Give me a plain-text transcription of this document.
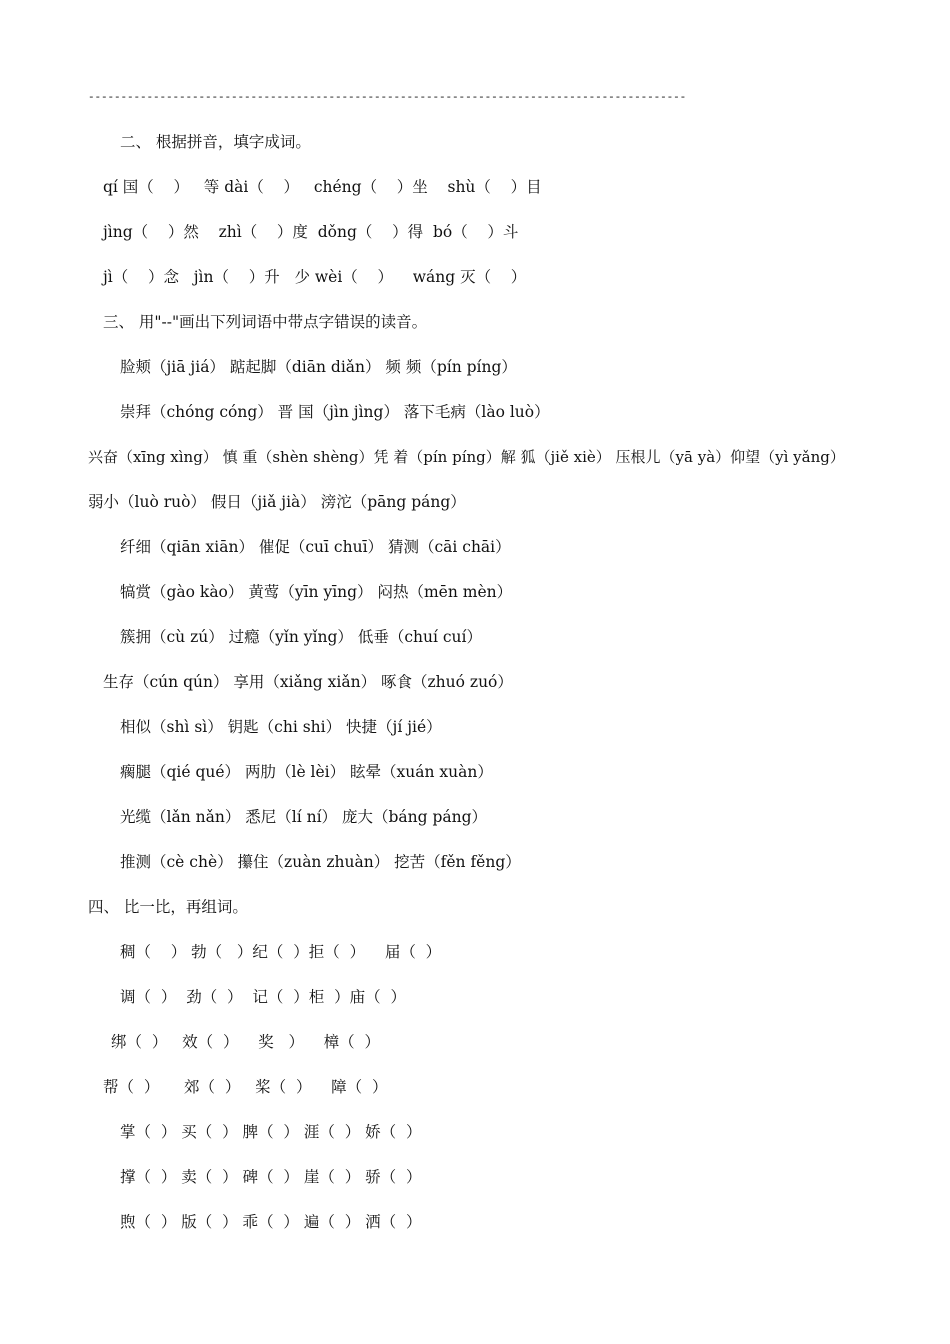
--------------------------------------------------------------------------------------------
二、 根据拼音，填字成词。
qí 国（    ）   等 dài（    ）   chéng（    ）坐    shù（    ）目
jìng（    ）然    zhì（    ）度  dǒng（    ）得  bó（    ）斗
jì（    ）念   jìn（    ）升   少 wèi（    ）    wáng 灭（    ）
三、 用"--"画出下列词语中带点字错误的读音。
脸颊（jiā jiá） 踮起脚（diān diǎn） 频 频（pín píng）
崇拜（chóng cóng） 晋 国（jìn jìng） 落下毛病（lào luò）
兴奋（xīng xìng） 慎 重（shèn shèng）凭 着（pín píng）解 狐（jiě xiè） 压根儿（yā yà）仰望（yì yǎng）
弱小（luò ruò） 假日（jiǎ jià） 滂沱（pāng páng）
纤细（qiān xiān） 催促（cuī chuī） 猜测（cāi chāi）
犒赏（gào kào） 黄莺（yīn yīng） 闷热（mēn mèn）
簇拥（cù zú） 过瘾（yǐn yǐng） 低垂（chuí cuí）
生存（cún qún） 享用（xiǎng xiǎn） 啄食（zhuó zuó）
相似（shì sì） 钥匙（chi shi） 快捷（jí jié）
瘸腿（qié qué） 两肋（lè lèi） 眩晕（xuán xuàn）
光缆（lǎn nǎn） 悉尼（lí ní） 庞大（báng páng）
推测（cè chè） 攥住（zuàn zhuàn） 挖苦（fěn fěng）
四、 比一比，再组词。
稠（    ） 勃（   ）纪（  ）拒（  ）    届（  ）
调（  ）  劲（  ）  记（  ）柜  ）庙（  ）
绑（  ）   效（  ）    奖   ）    樟（  ）
帮（  ）     郊（  ）   桨（  ）    障（  ）
掌（  ） 买（  ） 脾（  ） 涯（  ） 娇（  ）
撑（  ） 卖（  ） 碑（  ） 崖（  ） 骄（  ）
煦（  ） 版（  ） 乖（  ） 遍（  ） 洒（  ）
